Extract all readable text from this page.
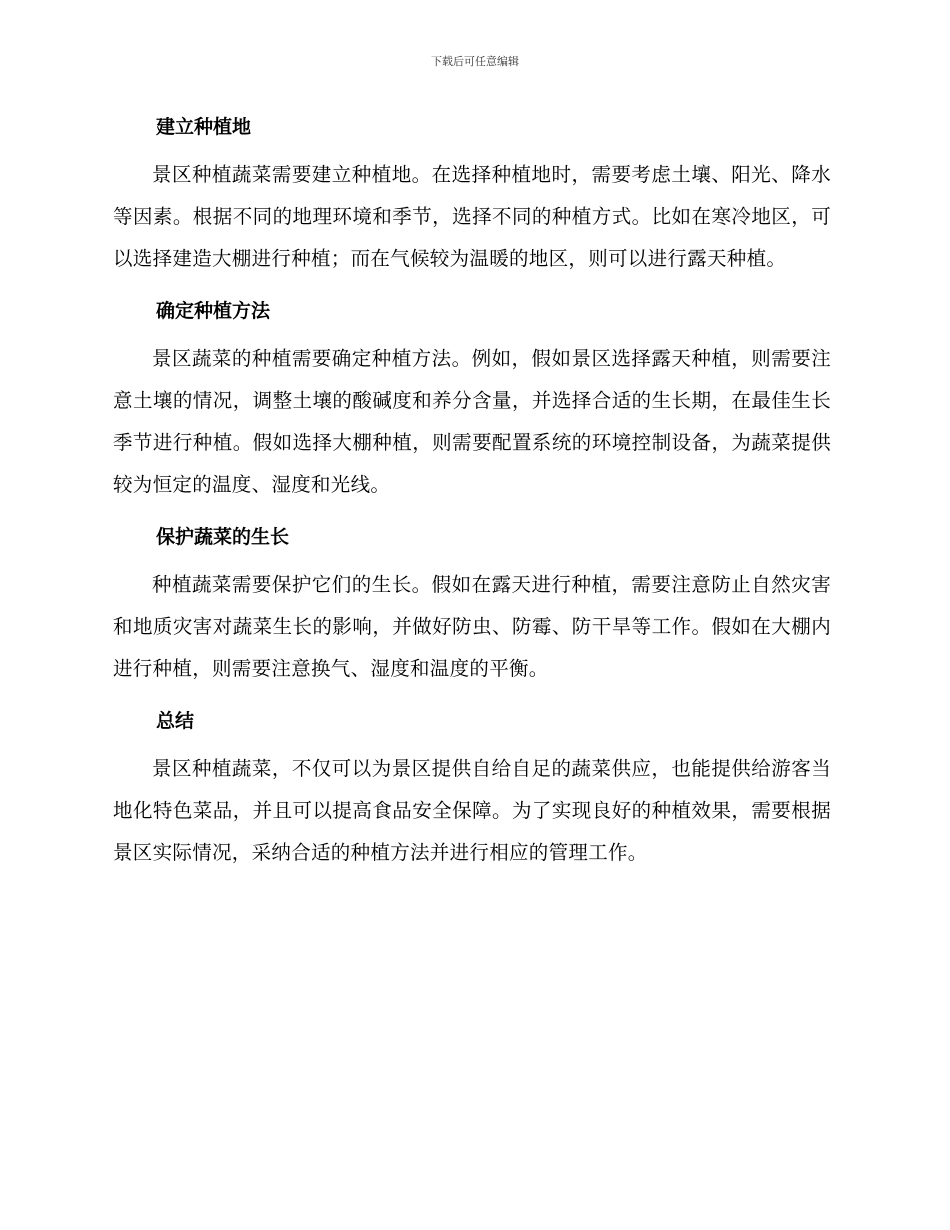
下载后可任意编辑
建立种植地

景区种植蔬菜需要建立种植地。在选择种植地时，需要考虑土壤、阳光、降水等因素。根据不同的地理环境和季节，选择不同的种植方式。比如在寒冷地区，可以选择建造大棚进行种植；而在气候较为温暖的地区，则可以进行露天种植。

确定种植方法

景区蔬菜的种植需要确定种植方法。例如，假如景区选择露天种植，则需要注意土壤的情况，调整土壤的酸碱度和养分含量，并选择合适的生长期，在最佳生长季节进行种植。假如选择大棚种植，则需要配置系统的环境控制设备，为蔬菜提供较为恒定的温度、湿度和光线。

保护蔬菜的生长

种植蔬菜需要保护它们的生长。假如在露天进行种植，需要注意防止自然灾害和地质灾害对蔬菜生长的影响，并做好防虫、防霉、防干旱等工作。假如在大棚内进行种植，则需要注意换气、湿度和温度的平衡。

总结

景区种植蔬菜，不仅可以为景区提供自给自足的蔬菜供应，也能提供给游客当地化特色菜品，并且可以提高食品安全保障。为了实现良好的种植效果，需要根据景区实际情况，采纳合适的种植方法并进行相应的管理工作。
